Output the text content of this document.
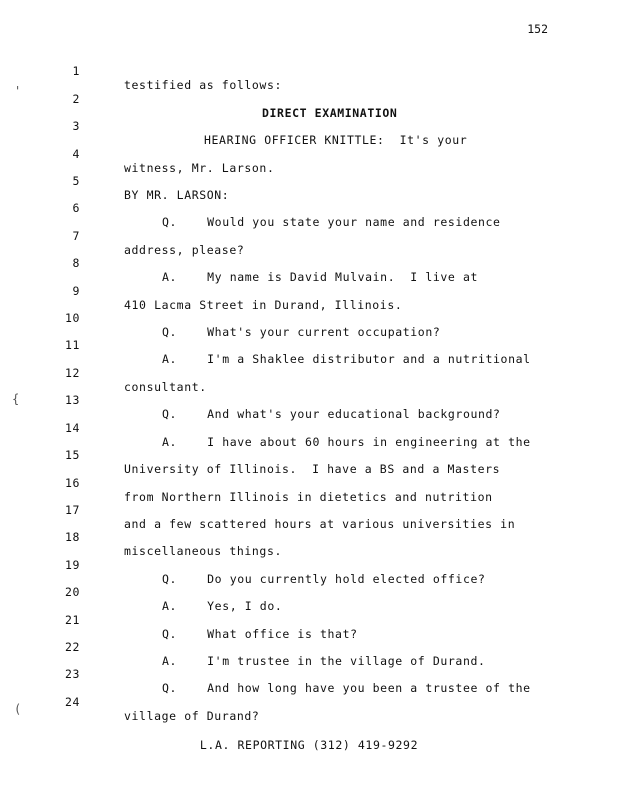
152
'
{
(

1

testified as follows:

2

DIRECT EXAMINATION

3

HEARING OFFICER KNITTLE:  It's your

4

witness, Mr. Larson.

5

BY MR. LARSON:

6

Q.    Would you state your name and residence

7

address, please?

8

A.    My name is David Mulvain.  I live at

9

410 Lacma Street in Durand, Illinois.

10

Q.    What's your current occupation?

11

A.    I'm a Shaklee distributor and a nutritional

12

consultant.

13

Q.    And what's your educational background?

14

A.    I have about 60 hours in engineering at the

15

University of Illinois.  I have a BS and a Masters

16

from Northern Illinois in dietetics and nutrition

17

and a few scattered hours at various universities in

18

miscellaneous things.

19

Q.    Do you currently hold elected office?

20

A.    Yes, I do.

21

Q.    What office is that?

22

A.    I'm trustee in the village of Durand.

23

Q.    And how long have you been a trustee of the

24

village of Durand?

L.A. REPORTING (312) 419-9292
